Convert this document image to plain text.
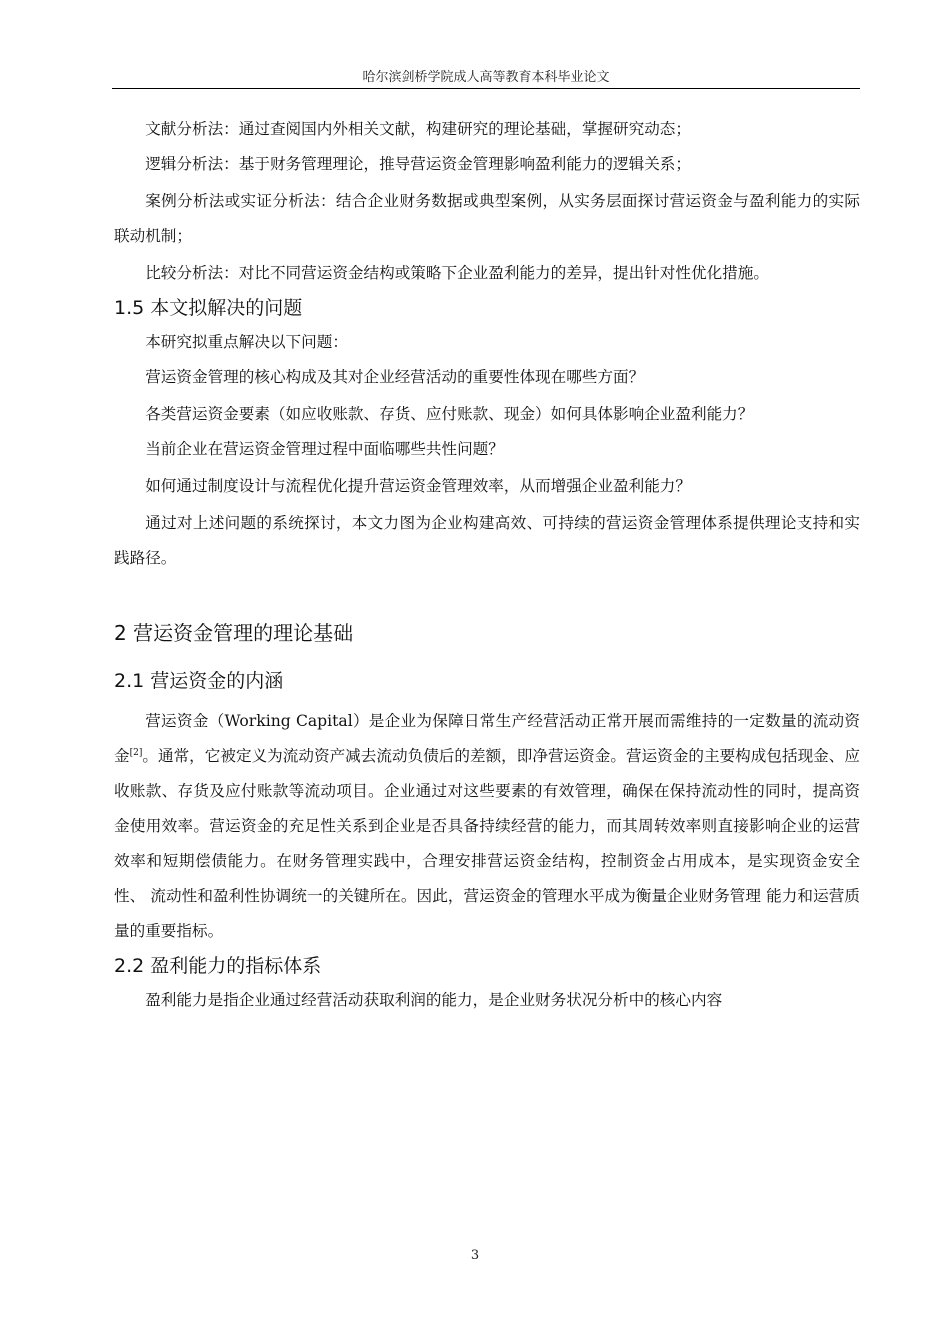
哈尔滨剑桥学院成人高等教育本科毕业论文

文献分析法：通过查阅国内外相关文献，构建研究的理论基础，掌握研究动态；

逻辑分析法：基于财务管理理论，推导营运资金管理影响盈利能力的逻辑关系；

案例分析法或实证分析法：结合企业财务数据或典型案例，从实务层面探讨营运资金与盈利能力的实际联动机制；

比较分析法：对比不同营运资金结构或策略下企业盈利能力的差异，提出针对性优化措施。

1.5 本文拟解决的问题

本研究拟重点解决以下问题：

营运资金管理的核心构成及其对企业经营活动的重要性体现在哪些方面？

各类营运资金要素（如应收账款、存货、应付账款、现金）如何具体影响企业盈利能力？

当前企业在营运资金管理过程中面临哪些共性问题？

如何通过制度设计与流程优化提升营运资金管理效率，从而增强企业盈利能力？

通过对上述问题的系统探讨，本文力图为企业构建高效、可持续的营运资金管理体系提供理论支持和实践路径。

2 营运资金管理的理论基础
2.1 营运资金的内涵

营运资金（Working Capital）是企业为保障日常生产经营活动正常开展而需维持的一定数量的流动资金[2]。通常，它被定义为流动资产减去流动负债后的差额，即净营运资金。营运资金的主要构成包括现金、应收账款、存货及应付账款等流动项目。企业通过对这些要素的有效管理，确保在保持流动性的同时，提高资金使用效率。营运资金的充足性关系到企业是否具备持续经营的能力，而其周转效率则直接影响企业的运营效率和短期偿债能力。在财务管理实践中，合理安排营运资金结构，控制资金占用成本，是实现资金安全性、 流动性和盈利性协调统一的关键所在。因此，营运资金的管理水平成为衡量企业财务管理 能力和运营质量的重要指标。

2.2 盈利能力的指标体系

盈利能力是指企业通过经营活动获取利润的能力，是企业财务状况分析中的核心内容

3
